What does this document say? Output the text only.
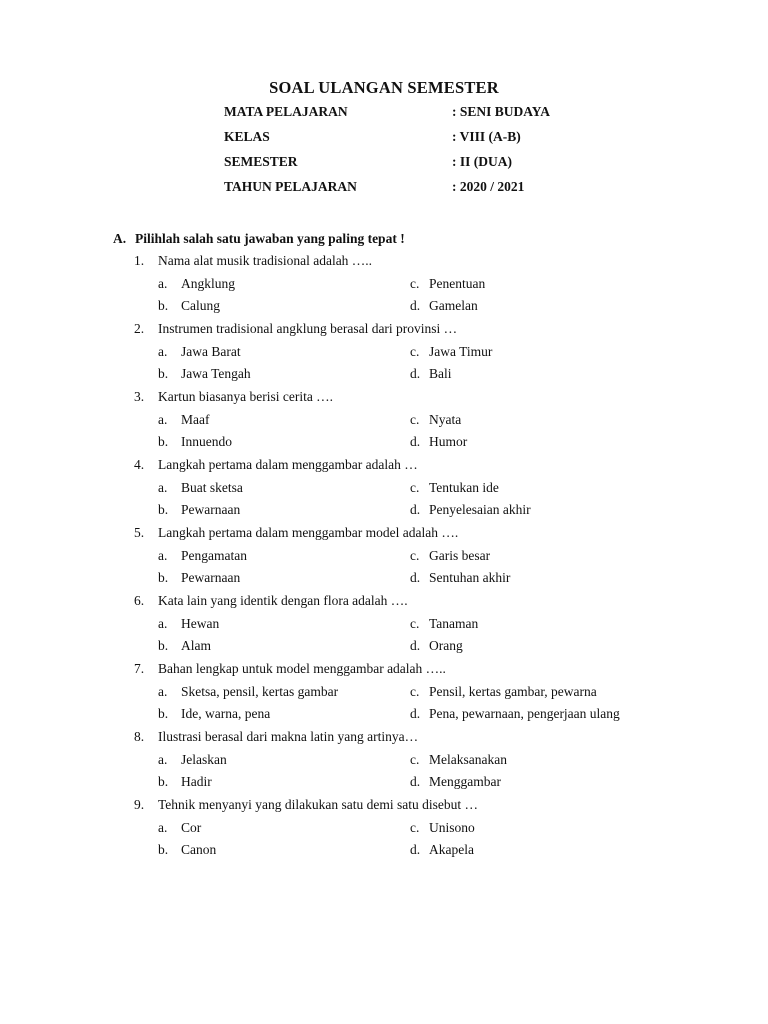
SOAL ULANGAN SEMESTER
MATA PELAJARAN	: SENI BUDAYA
KELAS	: VIII (A-B)
SEMESTER	: II (DUA)
TAHUN PELAJARAN	: 2020 / 2021
A. Pilihlah salah satu jawaban yang paling tepat !
1. Nama alat musik tradisional adalah …..
a. Angklung	c. Penentuan
b. Calung	d. Gamelan
2. Instrumen tradisional angklung berasal dari provinsi …
a. Jawa Barat	c. Jawa Timur
b. Jawa Tengah	d. Bali
3. Kartun biasanya berisi cerita ….
a. Maaf	c. Nyata
b. Innuendo	d. Humor
4. Langkah pertama dalam menggambar adalah …
a. Buat sketsa	c. Tentukan ide
b. Pewarnaan	d. Penyelesaian akhir
5. Langkah pertama dalam menggambar model adalah ….
a. Pengamatan	c. Garis besar
b. Pewarnaan	d. Sentuhan akhir
6. Kata lain yang identik dengan flora adalah ….
a. Hewan	c. Tanaman
b. Alam	d. Orang
7. Bahan lengkap untuk model menggambar adalah …..
a. Sketsa, pensil, kertas gambar	c. Pensil, kertas gambar, pewarna
b. Ide, warna, pena	d. Pena, pewarnaan, pengerjaan ulang
8. Ilustrasi berasal dari makna latin yang artinya…
a. Jelaskan	c. Melaksanakan
b. Hadir	d. Menggambar
9. Tehnik menyanyi yang dilakukan satu demi satu disebut …
a. Cor	c. Unisono
b. Canon	d. Akapela
